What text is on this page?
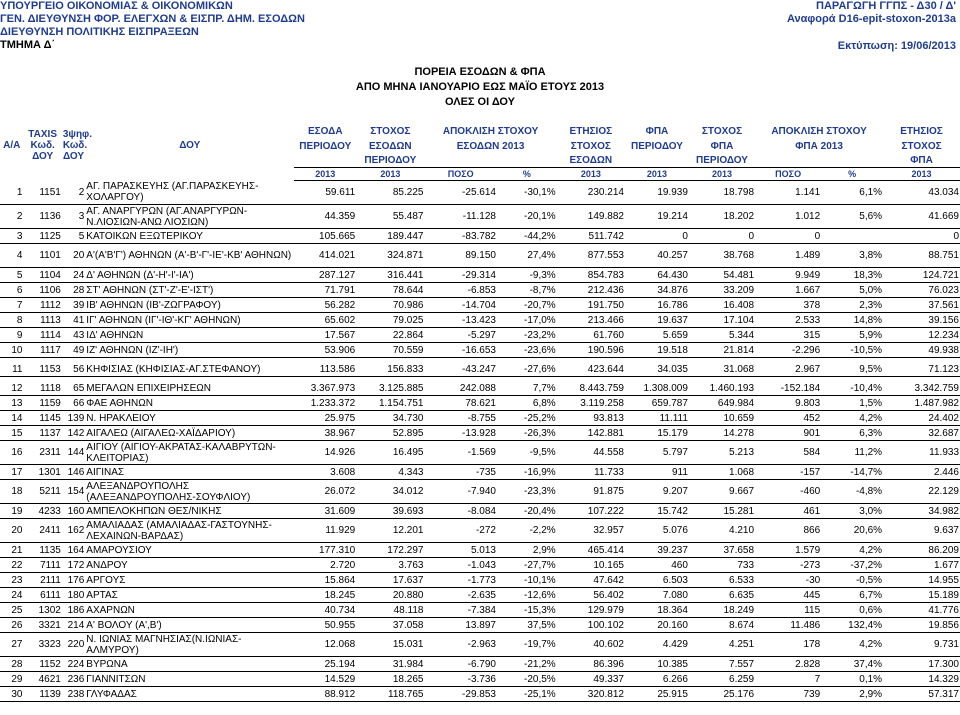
ΥΠΟΥΡΓΕΙΟ ΟΙΚΟΝΟΜΙΑΣ & ΟΙΚΟΝΟΜΙΚΩΝ
ΓΕΝ. ΔΙΕΥΘΥΝΣΗ ΦΟΡ. ΕΛΕΓΧΩΝ & ΕΙΣΠΡ. ΔΗΜ. ΕΣΟΔΩΝ
ΔΙΕΥΘΥΝΣΗ ΠΟΛΙΤΙΚΗΣ ΕΙΣΠΡΑΞΕΩΝ
ΤΜΗΜΑ Δ΄
ΠΑΡΑΓΩΓΗ ΓΓΠΣ - Δ30 / Δ'
Αναφορά D16-epit-stoxon-2013a
Εκτύπωση: 19/06/2013
ΠΟΡΕΙΑ ΕΣΟΔΩΝ & ΦΠΑ
ΑΠΟ ΜΗΝΑ ΙΑΝΟΥΑΡΙΟ ΕΩΣ ΜΑΪΟ ΕΤΟΥΣ 2013
ΟΛΕΣ ΟΙ ΔΟΥ
Α/Α	TAXIS Κωδ. ΔΟΥ	3ψηφ. Κωδ. ΔΟΥ	ΔΟΥ	ΕΣΟΔΑ	ΣΤΟΧΟΣ	ΑΠΟΚΛΙΣΗ ΣΤΟΧΟΥ		ΕΤΗΣΙΟΣ	ΦΠΑ	ΣΤΟΧΟΣ	ΑΠΟΚΛΙΣΗ ΣΤΟΧΟΥ		ΕΤΗΣΙΟΣ
				ΠΕΡΙΟΔΟΥ	ΕΣΟΔΩΝ	ΕΣΟΔΩΝ 2013		ΣΤΟΧΟΣ	ΠΕΡΙΟΔΟΥ	ΦΠΑ	ΦΠΑ 2013		ΣΤΟΧΟΣ
					ΠΕΡΙΟΔΟΥ			ΕΣΟΔΩΝ		ΠΕΡΙΟΔΟΥ			ΦΠΑ
				2013	2013	ΠΟΣΟ	%	2013	2013	2013	ΠΟΣΟ	%	2013
1	1151	2	ΑΓ. ΠΑΡΑΣΚΕΥΗΣ (ΑΓ.ΠΑΡΑΣΚΕΥΗΣ-ΧΟΛΑΡΓΟΥ)	59.611	85.225	-25.614	-30,1%	230.214	19.939	18.798	1.141	6,1%	43.034
2	1136	3	ΑΓ. ΑΝΑΡΓΥΡΩΝ (ΑΓ.ΑΝΑΡΓΥΡΩΝ-Ν.ΛΙΟΣΙΩΝ-ΑΝΩ ΛΙΟΣΙΩΝ)	44.359	55.487	-11.128	-20,1%	149.882	19.214	18.202	1.012	5,6%	41.669
3	1125	5	ΚΑΤΟΙΚΩΝ ΕΞΩΤΕΡΙΚΟΥ	105.665	189.447	-83.782	-44,2%	511.742	0	0	0		0
4	1101	20	Α'(Α'Β'Γ') ΑΘΗΝΩΝ (Α'-Β'-Γ'-ΙΕ'-ΚΒ' ΑΘΗΝΩΝ)	414.021	324.871	89.150	27,4%	877.553	40.257	38.768	1.489	3,8%	88.751
5	1104	24	Δ' ΑΘΗΝΩΝ (Δ'-Η'-Ι'-ΙΑ')	287.127	316.441	-29.314	-9,3%	854.783	64.430	54.481	9.949	18,3%	124.721
6	1106	28	ΣΤ' ΑΘΗΝΩΝ (ΣΤ'-Ζ'-Ε'-ΙΣΤ')	71.791	78.644	-6.853	-8,7%	212.436	34.876	33.209	1.667	5,0%	76.023
7	1112	39	ΙΒ' ΑΘΗΝΩΝ (ΙΒ'-ΖΩΓΡΑΦΟΥ)	56.282	70.986	-14.704	-20,7%	191.750	16.786	16.408	378	2,3%	37.561
8	1113	41	ΙΓ' ΑΘΗΝΩΝ (ΙΓ'-ΙΘ'-ΚΓ' ΑΘΗΝΩΝ)	65.602	79.025	-13.423	-17,0%	213.466	19.637	17.104	2.533	14,8%	39.156
9	1114	43	ΙΔ' ΑΘΗΝΩΝ	17.567	22.864	-5.297	-23,2%	61.760	5.659	5.344	315	5,9%	12.234
10	1117	49	ΙΖ' ΑΘΗΝΩΝ (ΙΖ'-ΙΗ')	53.906	70.559	-16.653	-23,6%	190.596	19.518	21.814	-2.296	-10,5%	49.938

11	1153	56	ΚΗΦΙΣΙΑΣ (ΚΗΦΙΣΙΑΣ-ΑΓ.ΣΤΕΦΑΝΟΥ)	113.586	156.833	-43.247	-27,6%	423.644	34.035	31.068	2.967	9,5%	71.123

12	1118	65	ΜΕΓΑΛΩΝ ΕΠΙΧΕΙΡΗΣΕΩΝ	3.367.973	3.125.885	242.088	7,7%	8.443.759	1.308.009	1.460.193	-152.184	-10,4%	3.342.759
13	1159	66	ΦΑΕ ΑΘΗΝΩΝ	1.233.372	1.154.751	78.621	6,8%	3.119.258	659.787	649.984	9.803	1,5%	1.487.982
14	1145	139	Ν. ΗΡΑΚΛΕΙΟΥ	25.975	34.730	-8.755	-25,2%	93.813	11.111	10.659	452	4,2%	24.402
15	1137	142	ΑΙΓΑΛΕΩ (ΑΙΓΑΛΕΩ-ΧΑΪΔΑΡΙΟΥ)	38.967	52.895	-13.928	-26,3%	142.881	15.179	14.278	901	6,3%	32.687
16	2311	144	ΑΙΓΙΟΥ (ΑΙΓΙΟΥ-ΑΚΡΑΤΑΣ-ΚΑΛΑΒΡΥΤΩΝ-ΚΛΕΙΤΟΡΙΑΣ)	14.926	16.495	-1.569	-9,5%	44.558	5.797	5.213	584	11,2%	11.933
17	1301	146	ΑΙΓΙΝΑΣ	3.608	4.343	-735	-16,9%	11.733	911	1.068	-157	-14,7%	2.446
18	5211	154	ΑΛΕΞΑΝΔΡΟΥΠΟΛΗΣ (ΑΛΕΞΑΝΔΡΟΥΠΟΛΗΣ-ΣΟΥΦΛΙΟΥ)	26.072	34.012	-7.940	-23,3%	91.875	9.207	9.667	-460	-4,8%	22.129
19	4233	160	ΑΜΠΕΛΟΚΗΠΩΝ ΘΕΣ/ΝΙΚΗΣ	31.609	39.693	-8.084	-20,4%	107.222	15.742	15.281	461	3,0%	34.982
20	2411	162	ΑΜΑΛΙΑΔΑΣ (ΑΜΑΛΙΑΔΑΣ-ΓΑΣΤΟΥΝΗΣ-ΛΕΧΑΙΝΩΝ-ΒΑΡΔΑΣ)	11.929	12.201	-272	-2,2%	32.957	5.076	4.210	866	20,6%	9.637
21	1135	164	ΑΜΑΡΟΥΣΙΟΥ	177.310	172.297	5.013	2,9%	465.414	39.237	37.658	1.579	4,2%	86.209
22	7111	172	ΑΝΔΡΟΥ	2.720	3.763	-1.043	-27,7%	10.165	460	733	-273	-37,2%	1.677
23	2111	176	ΑΡΓΟΥΣ	15.864	17.637	-1.773	-10,1%	47.642	6.503	6.533	-30	-0,5%	14.955
24	6111	180	ΑΡΤΑΣ	18.245	20.880	-2.635	-12,6%	56.402	7.080	6.635	445	6,7%	15.189
25	1302	186	ΑΧΑΡΝΩΝ	40.734	48.118	-7.384	-15,3%	129.979	18.364	18.249	115	0,6%	41.776
26	3321	214	Α' ΒΟΛΟΥ (Α',Β')	50.955	37.058	13.897	37,5%	100.102	20.160	8.674	11.486	132,4%	19.856
27	3323	220	Ν. ΙΩΝΙΑΣ ΜΑΓΝΗΣΙΑΣ(Ν.ΙΩΝΙΑΣ-ΑΛΜΥΡΟΥ)	12.068	15.031	-2.963	-19,7%	40.602	4.429	4.251	178	4,2%	9.731
28	1152	224	ΒΥΡΩΝΑ	25.194	31.984	-6.790	-21,2%	86.396	10.385	7.557	2.828	37,4%	17.300
29	4621	236	ΓΙΑΝΝΙΤΣΩΝ	14.529	18.265	-3.736	-20,5%	49.337	6.266	6.259	7	0,1%	14.329
30	1139	238	ΓΛΥΦΑΔΑΣ	88.912	118.765	-29.853	-25,1%	320.812	25.915	25.176	739	2,9%	57.317
